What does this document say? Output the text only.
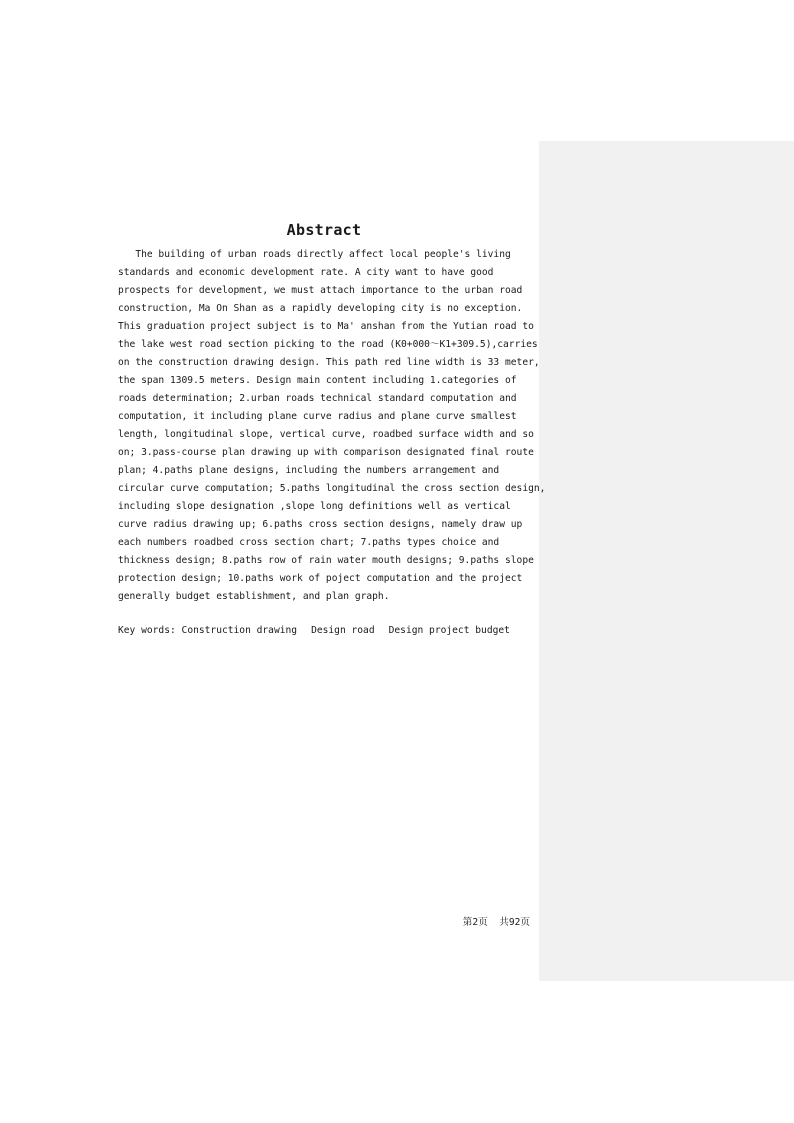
Abstract
The building of urban roads directly affect local people's living
standards and economic development rate. A city want to have good
prospects for development, we must attach importance to the urban road
construction, Ma On Shan as a rapidly developing city is no exception.
This graduation project subject is to Ma' anshan from the Yutian road to
the lake west road section picking to the road (K0+000～K1+309.5),carries
on the construction drawing design. This path red line width is 33 meter,
the span 1309.5 meters. Design main content including 1.categories of
roads determination; 2.urban roads technical standard computation and
computation, it including plane curve radius and plane curve smallest
length, longitudinal slope, vertical curve, roadbed surface width and so
on; 3.pass-course plan drawing up with comparison designated final route
plan; 4.paths plane designs, including the numbers arrangement and
circular curve computation; 5.paths longitudinal the cross section design,
including slope designation ,slope long definitions well as vertical
curve radius drawing up; 6.paths cross section designs, namely draw up
each numbers roadbed cross section chart; 7.paths types choice and
thickness design; 8.paths row of rain water mouth designs; 9.paths slope
protection design; 10.paths work of poject computation and the project
generally budget establishment, and plan graph.
Key words: Construction drawing Design road Design project budget
第2页  共92页
